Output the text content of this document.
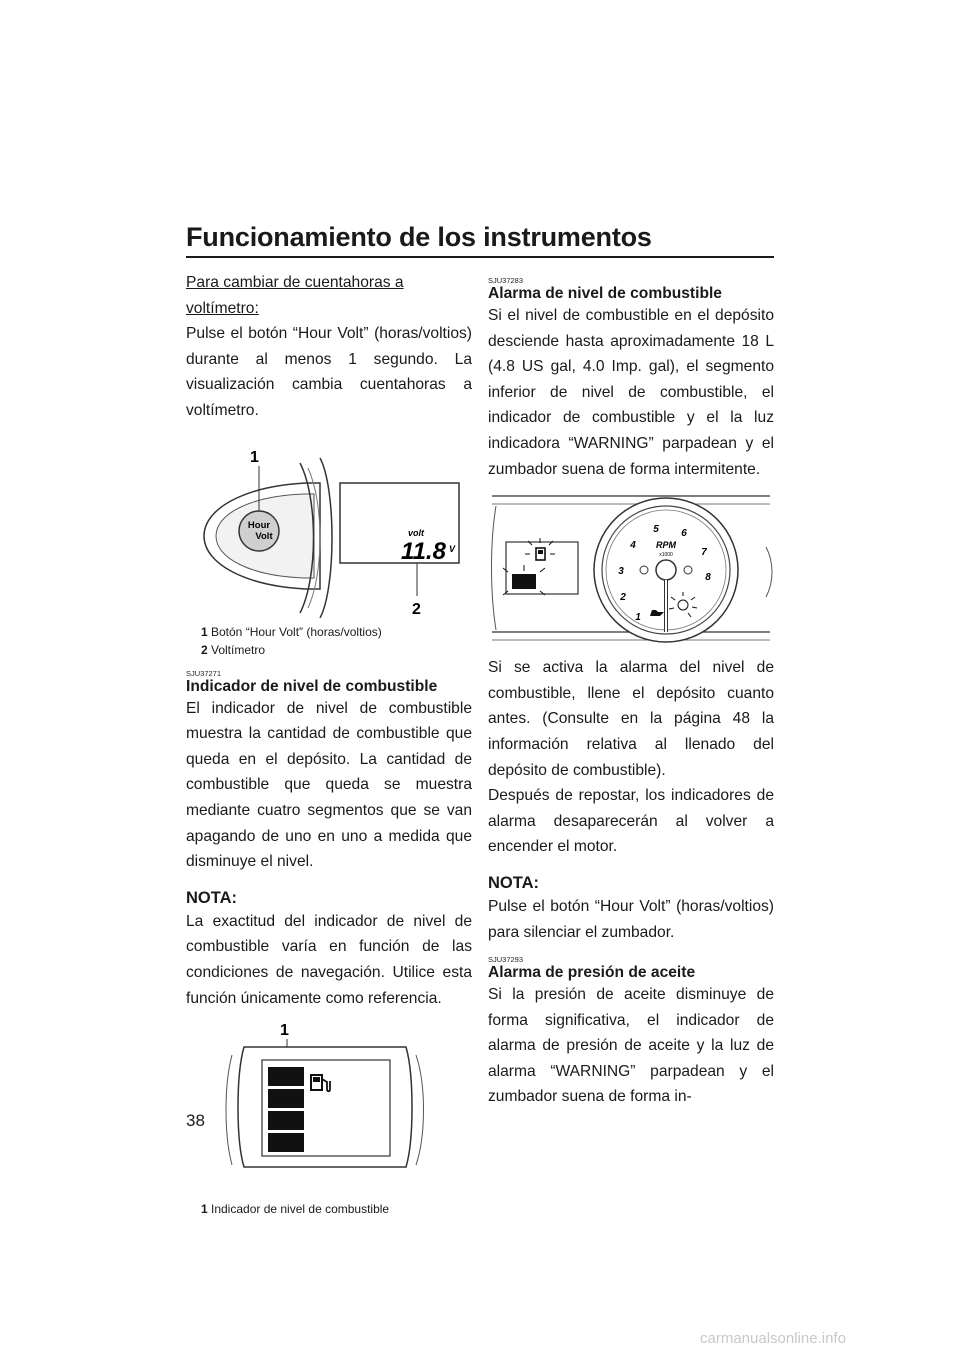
Funcionamiento de los instrumentos

Para cambiar de cuentahoras a voltímetro:

Pulse el botón “Hour Volt” (horas/voltios) durante al menos 1 segundo. La visualización cambia cuentahoras a voltímetro.

Hour
Volt
1
volt
11.8 V
2
1 Botón “Hour Volt” (horas/voltios)
2 Voltímetro
SJU37271
Indicador de nivel de combustible

El indicador de nivel de combustible muestra la cantidad de combustible que queda en el depósito. La cantidad de combustible que queda se muestra mediante cuatro segmentos que se van apagando de uno en uno a medida que disminuye el nivel.

NOTA:

La exactitud del indicador de nivel de combustible varía en función de las condiciones de navegación. Utilice esta función únicamente como referencia.

1
1 Indicador de nivel de combustible
SJU37283
Alarma de nivel de combustible

Si el nivel de combustible en el depósito desciende hasta aproximadamente 18 L (4.8 US gal, 4.0 Imp. gal), el segmento inferior de nivel de combustible, el indicador de combustible y el la luz indicadora “WARNING” parpadean y el zumbador suena de forma intermitente.

RPM
x1000
1
2
3
4
5 6
7
8

Si se activa la alarma del nivel de combustible, llene el depósito cuanto antes. (Consulte en la página 48 la información relativa al llenado del depósito de combustible).

Después de repostar, los indicadores de alarma desaparecerán al volver a encender el motor.

NOTA:

Pulse el botón “Hour Volt” (horas/voltios) para silenciar el zumbador.

SJU37293
Alarma de presión de aceite

Si la presión de aceite disminuye de forma significativa, el indicador de alarma de presión de aceite y la luz de alarma “WARNING” parpadean y el zumbador suena de forma in-

38
carmanualsonline.info
